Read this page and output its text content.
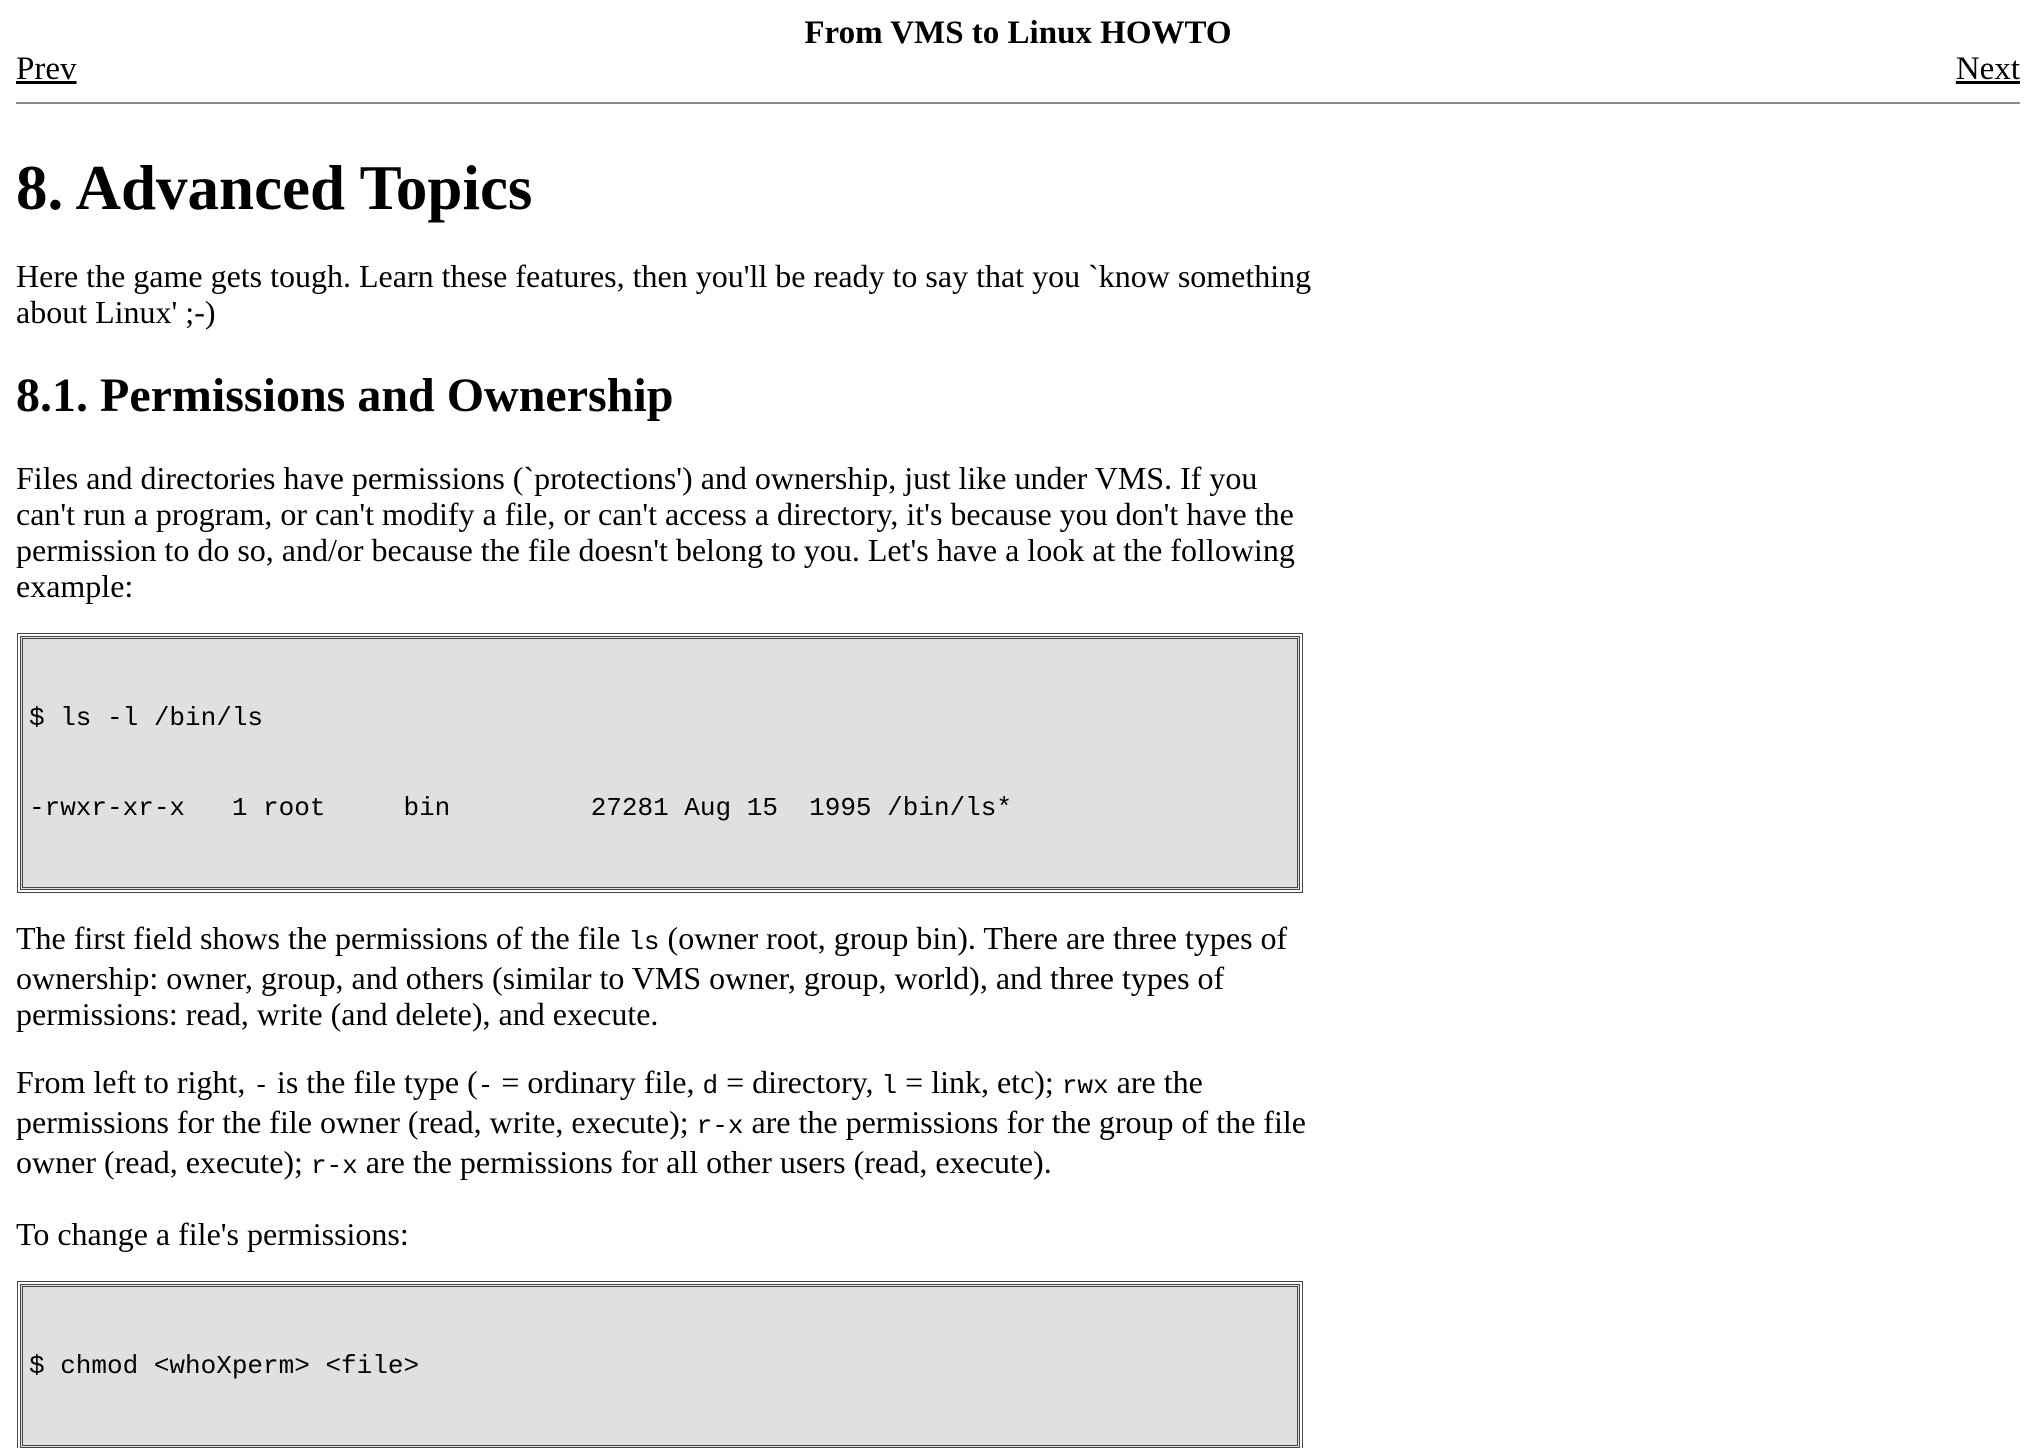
From VMS to Linux HOWTO
Prev	Next
8. Advanced Topics

Here the game gets tough. Learn these features, then you'll be ready to say that you `know something about Linux' ;-)

8.1. Permissions and Ownership

Files and directories have permissions (`protections') and ownership, just like under VMS. If you can't run a program, or can't modify a file, or can't access a directory, it's because you don't have the permission to do so, and/or because the file doesn't belong to you. Let's have a look at the following example:

$ ls -l /bin/ls

-rwxr-xr-x   1 root     bin         27281 Aug 15  1995 /bin/ls*

The first field shows the permissions of the file ls (owner root, group bin). There are three types of ownership: owner, group, and others (similar to VMS owner, group, world), and three types of permissions: read, write (and delete), and execute.

From left to right, - is the file type (- = ordinary file, d = directory, l = link, etc); rwx are the permissions for the file owner (read, write, execute); r-x are the permissions for the group of the file owner (read, execute); r-x are the permissions for all other users (read, execute).

To change a file's permissions:

$ chmod <whoXperm> <file>
